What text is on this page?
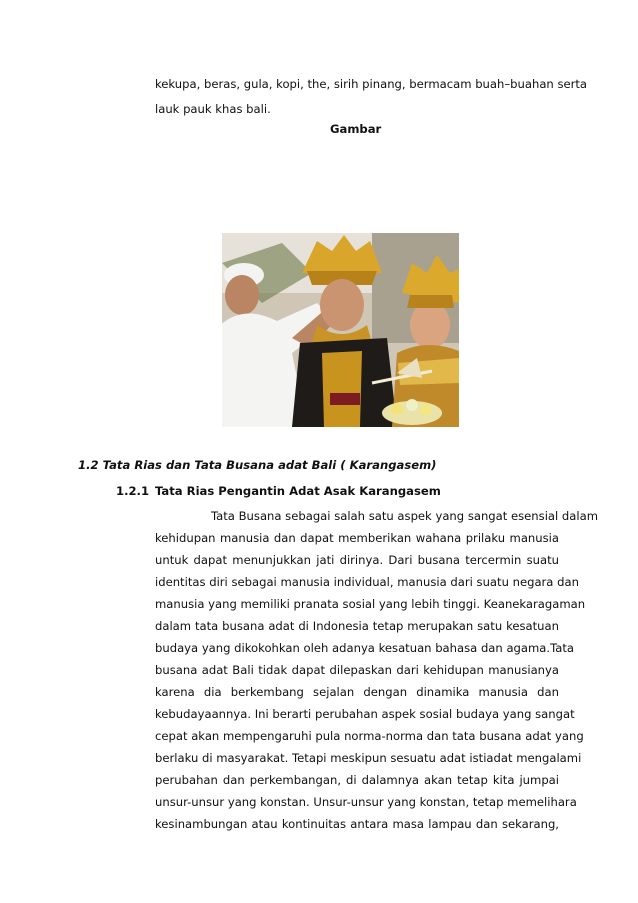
kekupa, beras, gula, kopi, the, sirih pinang, bermacam buah–buahan serta
lauk pauk khas bali.
Gambar
1.2 Tata Rias dan Tata Busana adat Bali ( Karangasem)
1.2.1 Tata Rias Pengantin Adat Asak Karangasem
Tata Busana sebagai salah satu aspek yang sangat esensial dalam
kehidupan manusia dan dapat memberikan wahana prilaku manusia
untuk dapat menunjukkan jati dirinya. Dari busana tercermin suatu
identitas diri sebagai manusia individual, manusia dari suatu negara dan
manusia yang memiliki pranata sosial yang lebih tinggi. Keanekaragaman
dalam tata busana adat di Indonesia tetap merupakan satu kesatuan
budaya yang dikokohkan oleh adanya kesatuan bahasa dan agama.Tata
busana adat Bali tidak dapat dilepaskan dari kehidupan manusianya
karena dia berkembang sejalan dengan dinamika manusia dan
kebudayaannya. Ini berarti perubahan aspek sosial budaya yang sangat
cepat akan mempengaruhi pula norma-norma dan tata busana adat yang
berlaku di masyarakat. Tetapi meskipun sesuatu adat istiadat mengalami
perubahan dan perkembangan, di dalamnya akan tetap kita jumpai
unsur-unsur yang konstan. Unsur-unsur yang konstan, tetap memelihara
kesinambungan atau kontinuitas antara masa lampau dan sekarang,
